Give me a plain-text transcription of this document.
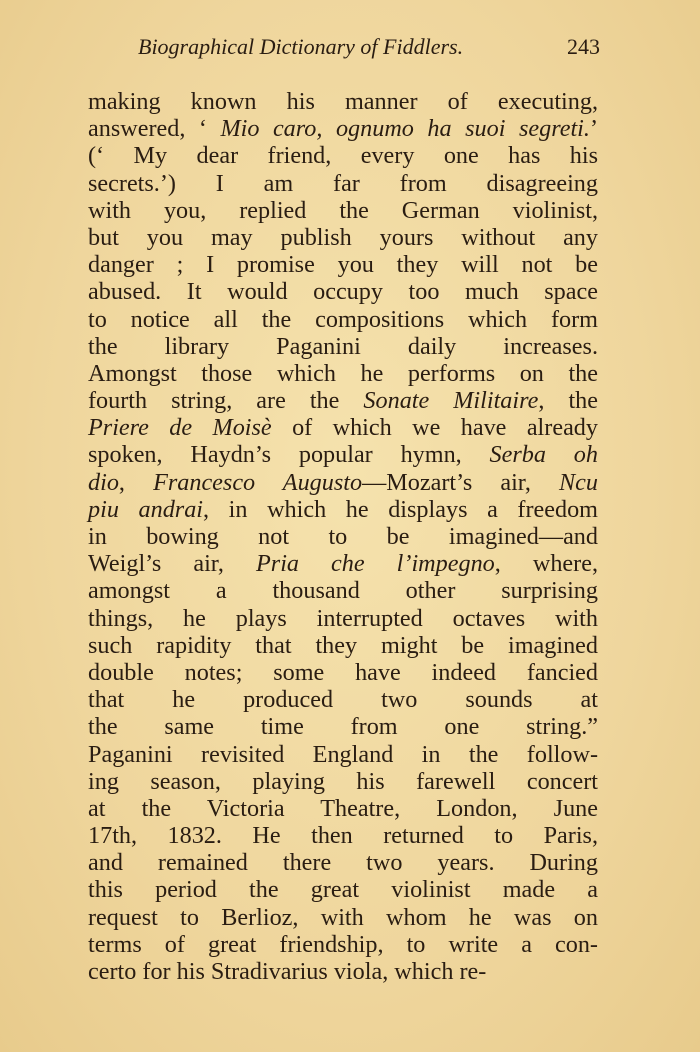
Biographical Dictionary of Fiddlers.	243
making known his manner of executing,
answered, ‘ Mio caro, ognumo ha suoi segreti.’
(‘ My dear friend, every one has his
secrets.’) I am far from disagreeing
with you, replied the German violinist,
but you may publish yours without any
danger ; I promise you they will not be
abused. It would occupy too much space
to notice all the compositions which form
the library Paganini daily increases.
Amongst those which he performs on the
fourth string, are the Sonate Militaire, the
Priere de Moisè of which we have already
spoken, Haydn’s popular hymn, Serba oh
dio, Francesco Augusto—Mozart’s air, Ncu
piu andrai, in which he displays a freedom
in bowing not to be imagined—and
Weigl’s air, Pria che l’impegno, where,
amongst a thousand other surprising
things, he plays interrupted octaves with
such rapidity that they might be imagined
double notes; some have indeed fancied
that he produced two sounds at
the same time from one string.”
Paganini revisited England in the follow-
ing season, playing his farewell concert
at the Victoria Theatre, London, June
17th, 1832. He then returned to Paris,
and remained there two years. During
this period the great violinist made a
request to Berlioz, with whom he was on
terms of great friendship, to write a con-
certo for his Stradivarius viola, which re-
